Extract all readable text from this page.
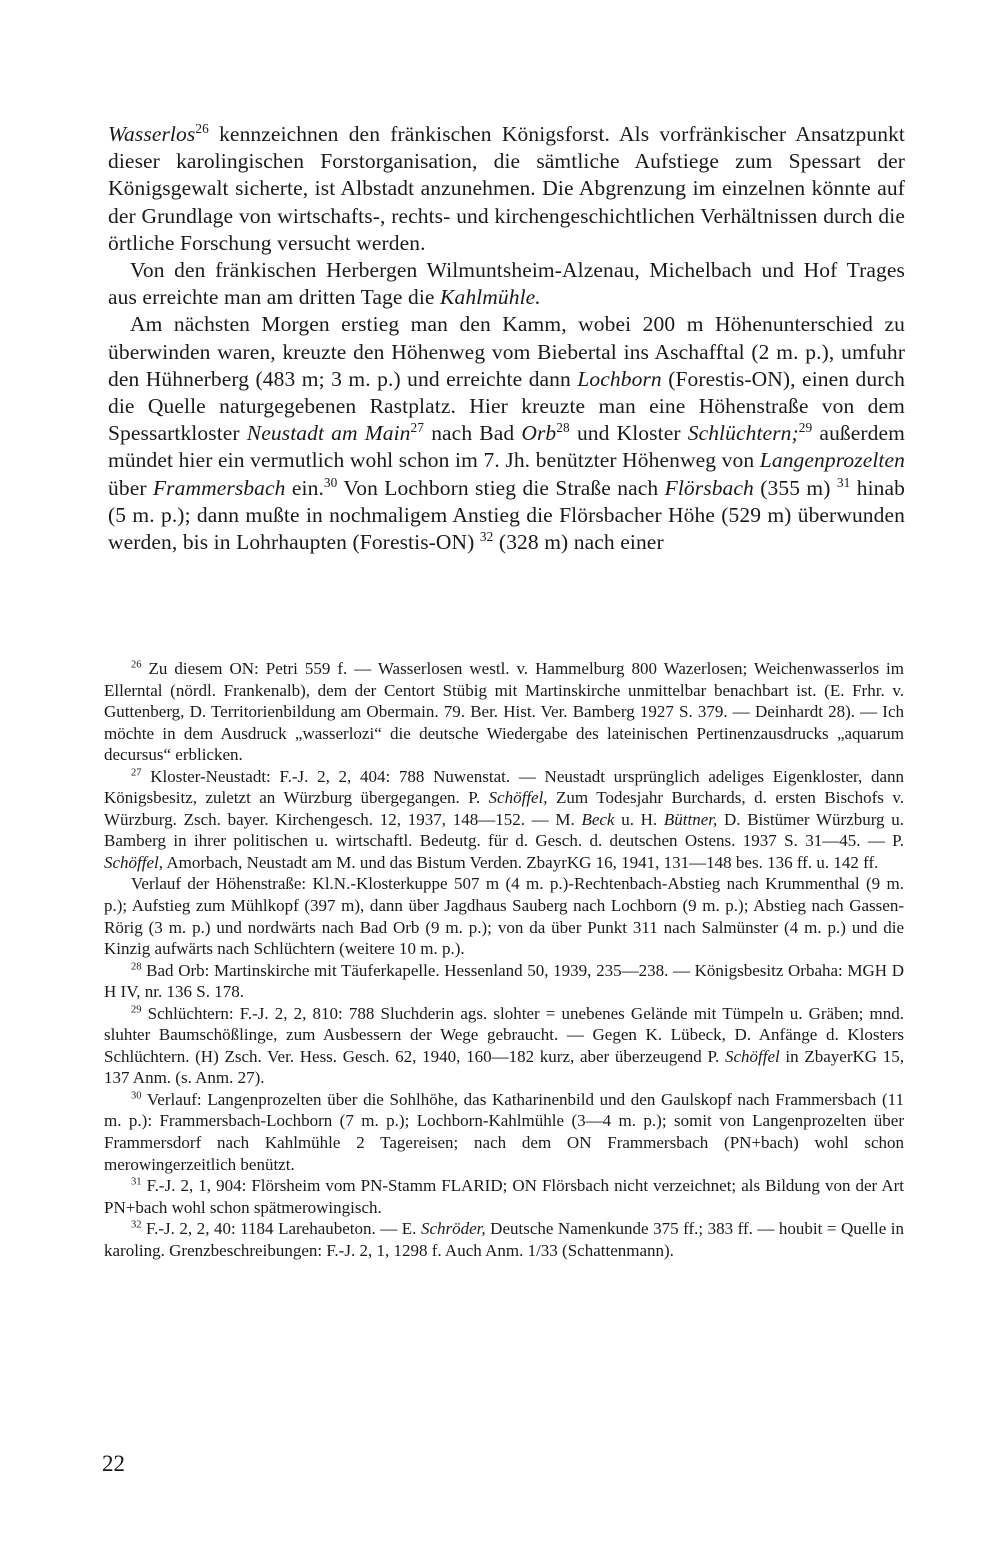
Wasserlos$^{26}$ kennzeichnen den fränkischen Königsforst. Als vorfränkischer Ansatzpunkt dieser karolingischen Forstorganisation, die sämtliche Aufstiege zum Spessart der Königsgewalt sicherte, ist Albstadt anzunehmen. Die Abgrenzung im einzelnen könnte auf der Grundlage von wirtschafts-, rechts- und kirchengeschichtlichen Verhältnissen durch die örtliche Forschung versucht werden.

Von den fränkischen Herbergen Wilmuntsheim-Alzenau, Michelbach und Hof Trages aus erreichte man am dritten Tage die Kahlmühle.

Am nächsten Morgen erstieg man den Kamm, wobei 200 m Höhenunterschied zu überwinden waren, kreuzte den Höhenweg vom Biebertal ins Aschafftal (2 m. p.), umfuhr den Hühnerberg (483 m; 3 m. p.) und erreichte dann Lochborn (Forestis-ON), einen durch die Quelle naturgegebenen Rastplatz. Hier kreuzte man eine Höhenstraße von dem Spessartkloster Neustadt am Main$^{27}$ nach Bad Orb$^{28}$ und Kloster Schlüchtern;$^{29}$ außerdem mündet hier ein vermutlich wohl schon im 7. Jh. benützter Höhenweg von Langenprozelten über Frammersbach ein.$^{30}$ Von Lochborn stieg die Straße nach Flörsbach (355 m) $^{31}$ hinab (5 m. p.); dann mußte in nochmaligem Anstieg die Flörsbacher Höhe (529 m) überwunden werden, bis in Lohrhaupten (Forestis-ON) $^{32}$ (328 m) nach einer

$^{26}$ Zu diesem ON: Petri 559 f. — Wasserlosen westl. v. Hammelburg 800 Wazerlosen; Weichenwasserlos im Ellerntal (nördl. Frankenalb), dem der Centort Stübig mit Martinskirche unmittelbar benachbart ist. (E. Frhr. v. Guttenberg, D. Territorienbildung am Obermain. 79. Ber. Hist. Ver. Bamberg 1927 S. 379. — Deinhardt 28). — Ich möchte in dem Ausdruck „wasserlozi“ die deutsche Wiedergabe des lateinischen Pertinenzausdrucks „aquarum decursus“ erblicken.

$^{27}$ Kloster-Neustadt: F.-J. 2, 2, 404: 788 Nuwenstat. — Neustadt ursprünglich adeliges Eigenkloster, dann Königsbesitz, zuletzt an Würzburg übergegangen. P. Schöffel, Zum Todesjahr Burchards, d. ersten Bischofs v. Würzburg. Zsch. bayer. Kirchengesch. 12, 1937, 148—152. — M. Beck u. H. Büttner, D. Bistümer Würzburg u. Bamberg in ihrer politischen u. wirtschaftl. Bedeutg. für d. Gesch. d. deutschen Ostens. 1937 S. 31—45. — P. Schöffel, Amorbach, Neustadt am M. und das Bistum Verden. ZbayrKG 16, 1941, 131—148 bes. 136 ff. u. 142 ff.

Verlauf der Höhenstraße: Kl.N.-Klosterkuppe 507 m (4 m. p.)-Rechtenbach-Abstieg nach Krummenthal (9 m. p.); Aufstieg zum Mühlkopf (397 m), dann über Jagdhaus Sauberg nach Lochborn (9 m. p.); Abstieg nach Gassen-Rörig (3 m. p.) und nordwärts nach Bad Orb (9 m. p.); von da über Punkt 311 nach Salmünster (4 m. p.) und die Kinzig aufwärts nach Schlüchtern (weitere 10 m. p.).

$^{28}$ Bad Orb: Martinskirche mit Täuferkapelle. Hessenland 50, 1939, 235—238. — Königsbesitz Orbaha: MGH D H IV, nr. 136 S. 178.

$^{29}$ Schlüchtern: F.-J. 2, 2, 810: 788 Sluchderin ags. slohter = unebenes Gelände mit Tümpeln u. Gräben; mnd. sluhter Baumschößlinge, zum Ausbessern der Wege gebraucht. — Gegen K. Lübeck, D. Anfänge d. Klosters Schlüchtern. (H) Zsch. Ver. Hess. Gesch. 62, 1940, 160—182 kurz, aber überzeugend P. Schöffel in ZbayerKG 15, 137 Anm. (s. Anm. 27).

$^{30}$ Verlauf: Langenprozelten über die Sohlhöhe, das Katharinenbild und den Gaulskopf nach Frammersbach (11 m. p.): Frammersbach-Lochborn (7 m. p.); Lochborn-Kahlmühle (3—4 m. p.); somit von Langenprozelten über Frammersdorf nach Kahlmühle 2 Tagereisen; nach dem ON Frammersbach (PN+bach) wohl schon merowingerzeitlich benützt.

$^{31}$ F.-J. 2, 1, 904: Flörsheim vom PN-Stamm FLARID; ON Flörsbach nicht verzeichnet; als Bildung von der Art PN+bach wohl schon spätmerowingisch.

$^{32}$ F.-J. 2, 2, 40: 1184 Larehaubeton. — E. Schröder, Deutsche Namenkunde 375 ff.; 383 ff. — houbit = Quelle in karoling. Grenzbeschreibungen: F.-J. 2, 1, 1298 f. Auch Anm. 1/33 (Schattenmann).

22
